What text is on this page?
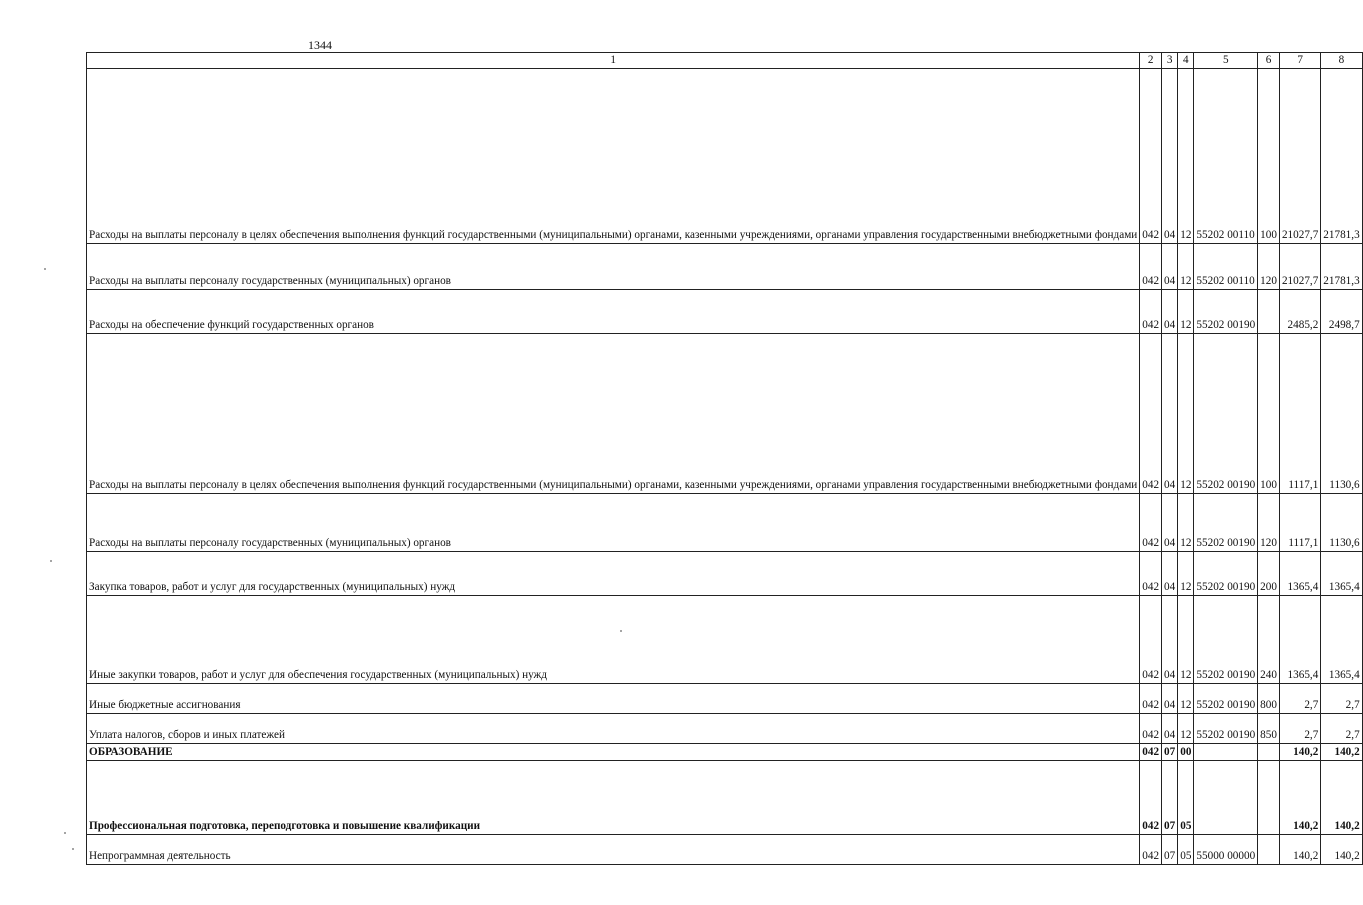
1344
1	2	3	4	5	6	7	8
Расходы на выплаты персоналу в целях обеспечения выполнения функций государственными (муниципальными) органами, казенными учреждениями, органами управления государственными внебюджетными фондами	042	04	12	55202 00110	100	21027,7	21781,3
Расходы на выплаты персоналу государственных (муниципальных) органов	042	04	12	55202 00110	120	21027,7	21781,3
Расходы на обеспечение функций государственных органов	042	04	12	55202 00190		2485,2	2498,7
Расходы на выплаты персоналу в целях обеспечения выполнения функций государственными (муниципальными) органами, казенными учреждениями, органами управления государственными внебюджетными фондами	042	04	12	55202 00190	100	1117,1	1130,6
Расходы на выплаты персоналу государственных (муниципальных) органов	042	04	12	55202 00190	120	1117,1	1130,6
Закупка товаров, работ и услуг для государственных (муниципальных) нужд	042	04	12	55202 00190	200	1365,4	1365,4
Иные закупки товаров, работ и услуг для обеспечения государственных (муниципальных) нужд	042	04	12	55202 00190	240	1365,4	1365,4
Иные бюджетные ассигнования	042	04	12	55202 00190	800	2,7	2,7
Уплата налогов, сборов и иных платежей	042	04	12	55202 00190	850	2,7	2,7
ОБРАЗОВАНИЕ	042	07	00			140,2	140,2
Профессиональная подготовка, переподготовка и повышение квалификации	042	07	05			140,2	140,2
Непрограммная деятельность	042	07	05	55000 00000		140,2	140,2
